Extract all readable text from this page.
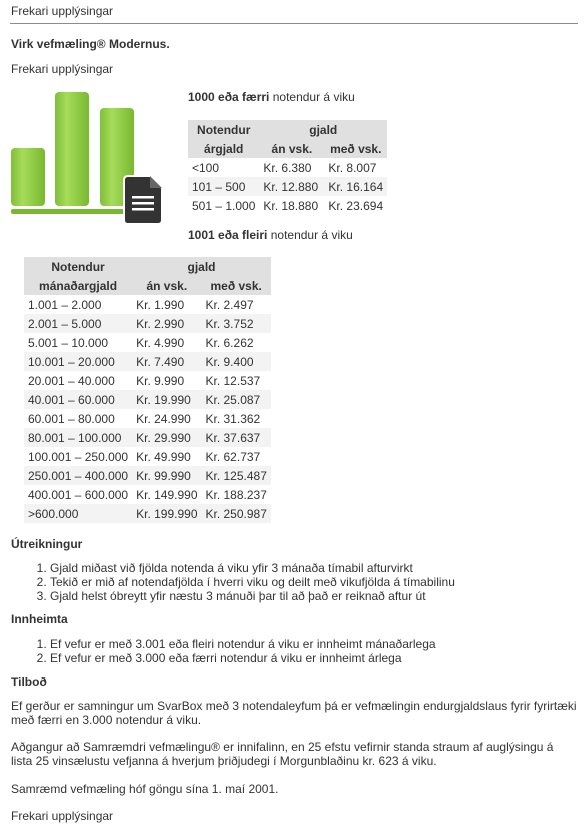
Frekari upplýsingar
Virk vefmæling® Modernus.
Frekari upplýsingar
1000 eða færri notendur á viku
Notendur	gjald	
árgjald	án vsk.	með vsk.
<100	Kr. 6.380	Kr. 8.007
101 – 500	Kr. 12.880	Kr. 16.164
501 – 1.000	Kr. 18.880	Kr. 23.694
1001 eða fleiri notendur á viku
Notendur	gjald	
mánaðargjald	án vsk.	með vsk.
1.001 – 2.000	Kr. 1.990	Kr. 2.497
2.001 – 5.000	Kr. 2.990	Kr. 3.752
5.001 – 10.000	Kr. 4.990	Kr. 6.262
10.001 – 20.000	Kr. 7.490	Kr. 9.400
20.001 – 40.000	Kr. 9.990	Kr. 12.537
40.001 – 60.000	Kr. 19.990	Kr. 25.087
60.001 – 80.000	Kr. 24.990	Kr. 31.362
80.001 – 100.000	Kr. 29.990	Kr. 37.637
100.001 – 250.000	Kr. 49.990	Kr. 62.737
250.001 – 400.000	Kr. 99.990	Kr. 125.487
400.001 – 600.000	Kr. 149.990	Kr. 188.237
>600.000	Kr. 199.990	Kr. 250.987
Útreikningur
1. Gjald miðast við fjölda notenda á viku yfir 3 mánaða tímabil afturvirkt
2. Tekið er mið af notendafjölda í hverri viku og deilt með vikufjölda á tímabilinu
3. Gjald helst óbreytt yfir næstu 3 mánuði þar til að það er reiknað aftur út
Innheimta
1. Ef vefur er með 3.001 eða fleiri notendur á viku er innheimt mánaðarlega
2. Ef vefur er með 3.000 eða færri notendur á viku er innheimt árlega
Tilboð

Ef gerður er samningur um SvarBox með 3 notendaleyfum þá er vefmælingin endurgjaldslaus fyrir fyrirtæki með færri en 3.000 notendur á viku.

Aðgangur að Samræmdri vefmælingu® er innifalinn, en 25 efstu vefirnir standa straum af auglýsingu á lista 25 vinsælustu vefjanna á hverjum þriðjudegi í Morgunblaðinu kr. 623 á viku.

Samræmd vefmæling hóf göngu sína 1. maí 2001.

Frekari upplýsingar
